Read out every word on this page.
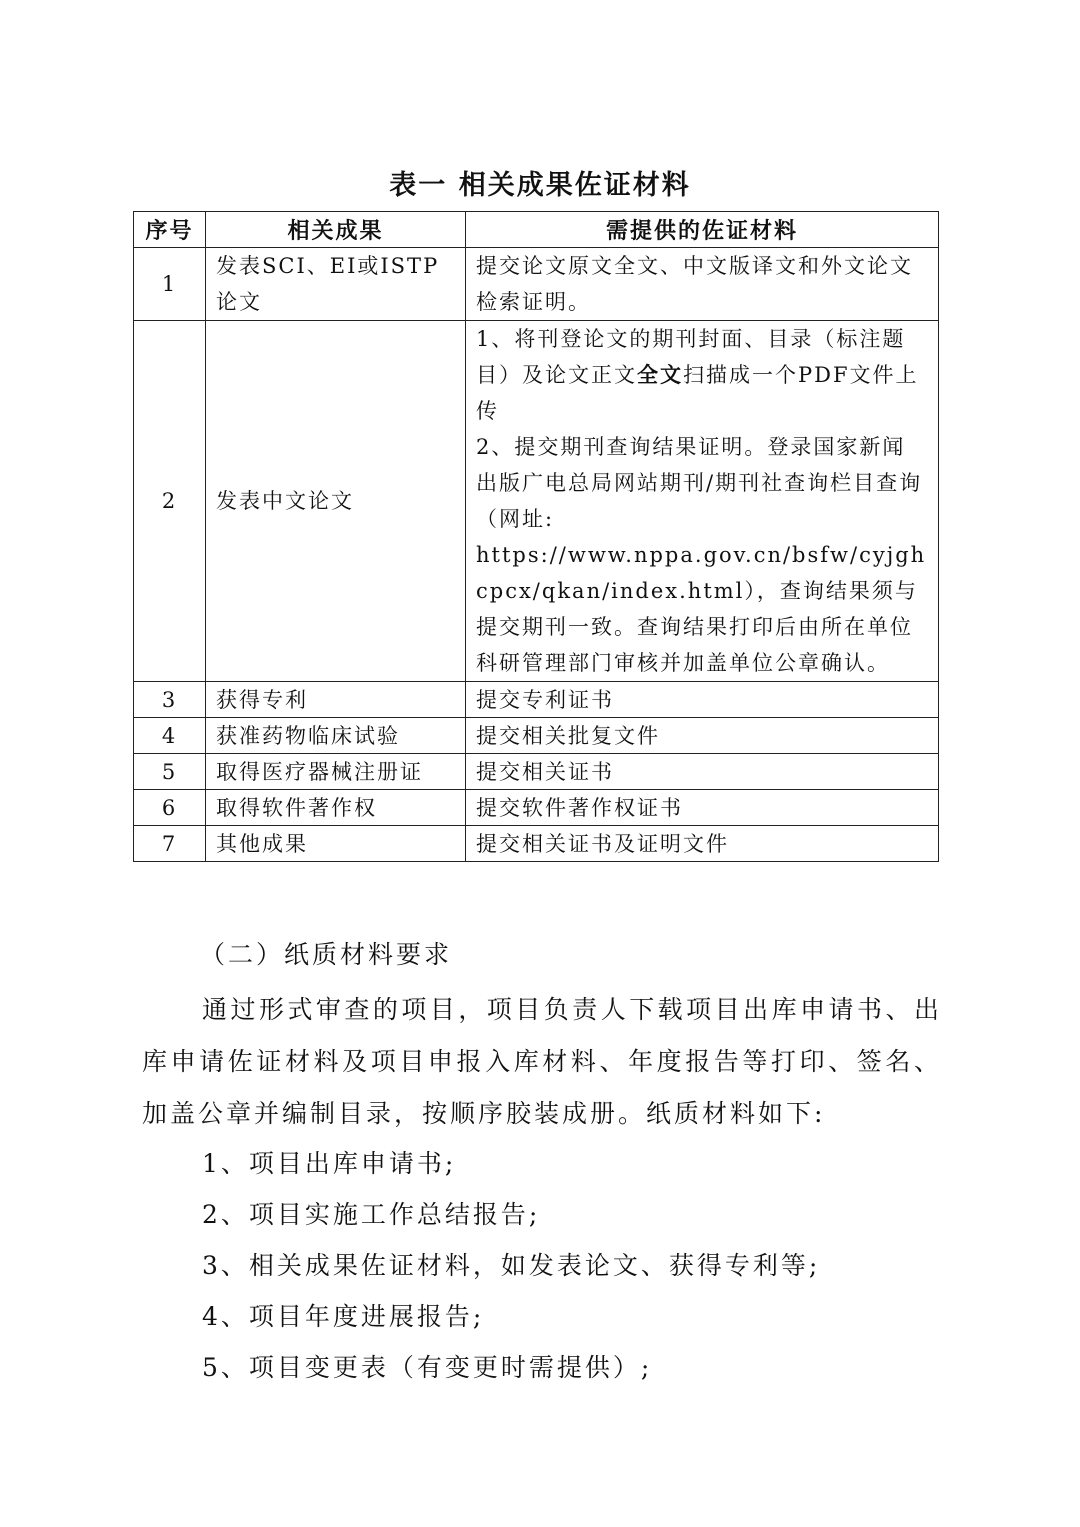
表一 相关成果佐证材料
序号	相关成果	需提供的佐证材料
1	发表SCI、EI或ISTP论文	提交论文原文全文、中文版译文和外文论文检索证明。
2	发表中文论文	1、将刊登论文的期刊封面、目录（标注题目）及论文正文全文扫描成一个PDF文件上传
2、提交期刊查询结果证明。登录国家新闻出版广电总局网站期刊/期刊社查询栏目查询（网址:
https://www.nppa.gov.cn/bsfw/cyjghcpcx/qkan/index.html），查询结果须与提交期刊一致。查询结果打印后由所在单位科研管理部门审核并加盖单位公章确认。
3	获得专利	提交专利证书
4	获准药物临床试验	提交相关批复文件
5	取得医疗器械注册证	提交相关证书
6	取得软件著作权	提交软件著作权证书
7	其他成果	提交相关证书及证明文件
（二）纸质材料要求
通过形式审查的项目，项目负责人下载项目出库申请书、出库申请佐证材料及项目申报入库材料、年度报告等打印、签名、加盖公章并编制目录，按顺序胶装成册。纸质材料如下:
1、项目出库申请书;
2、项目实施工作总结报告;
3、相关成果佐证材料，如发表论文、获得专利等;
4、项目年度进展报告;
5、项目变更表（有变更时需提供）;
